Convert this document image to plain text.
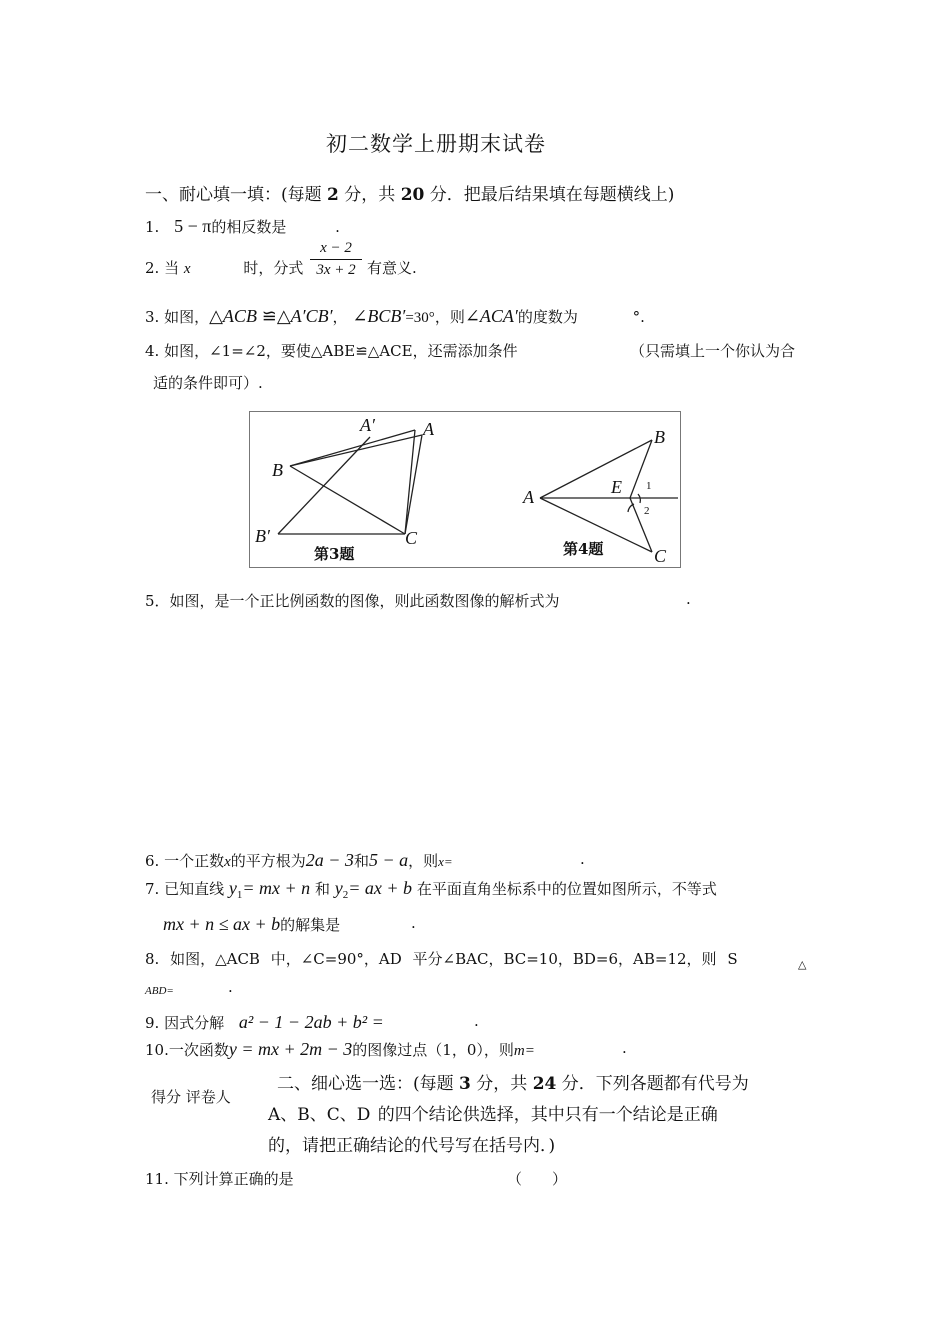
初二数学上册期末试卷
一、耐心填一填：(每题 2 分，共 20 分．把最后结果填在每题横线上)
1. 5 − π的相反数是	.
2. 当 x	时，分式
x − 2
3x + 2 有意义.
3. 如图，△ACB ≌△A′CB′， ∠BCB′=30°，则∠ACA′的度数为	°.
4. 如图，∠1=∠2，要使△ABE≌△ACE，还需添加条件	（只需填上一个你认为合
适的条件即可）.
A′	A
B
B′	C
第3题
A
B
C
E 1
2
第4题
5．如图，是一个正比例函数的图像，则此函数图像的解析式为	.
6. 一个正数x的平方根为2a − 3和5 − a，则x=	.
7. 已知直线 $y_1=$ mx + n 和 $y_2=$ ax + b 在平面直角坐标系中的位置如图所示，不等式
mx + n ≤ ax + b的解集是	.
8. 如图，△ACB 中，∠C=90°，AD 平分∠BAC，BC=10，BD=6，AB=12，则 S	△
ABD=	.
9. 因式分解 a² − 1 − 2ab + b² =	.
10.一次函数y = mx + 2m − 3的图像过点（1，0），则m=	.
得分 评卷人
二、细心选一选：(每题 3 分，共 24 分．下列各题都有代号为
A、B、C、D 的四个结论供选择，其中只有一个结论是正确
的，请把正确结论的代号写在括号内．)
11. 下列计算正确的是	（　　）
